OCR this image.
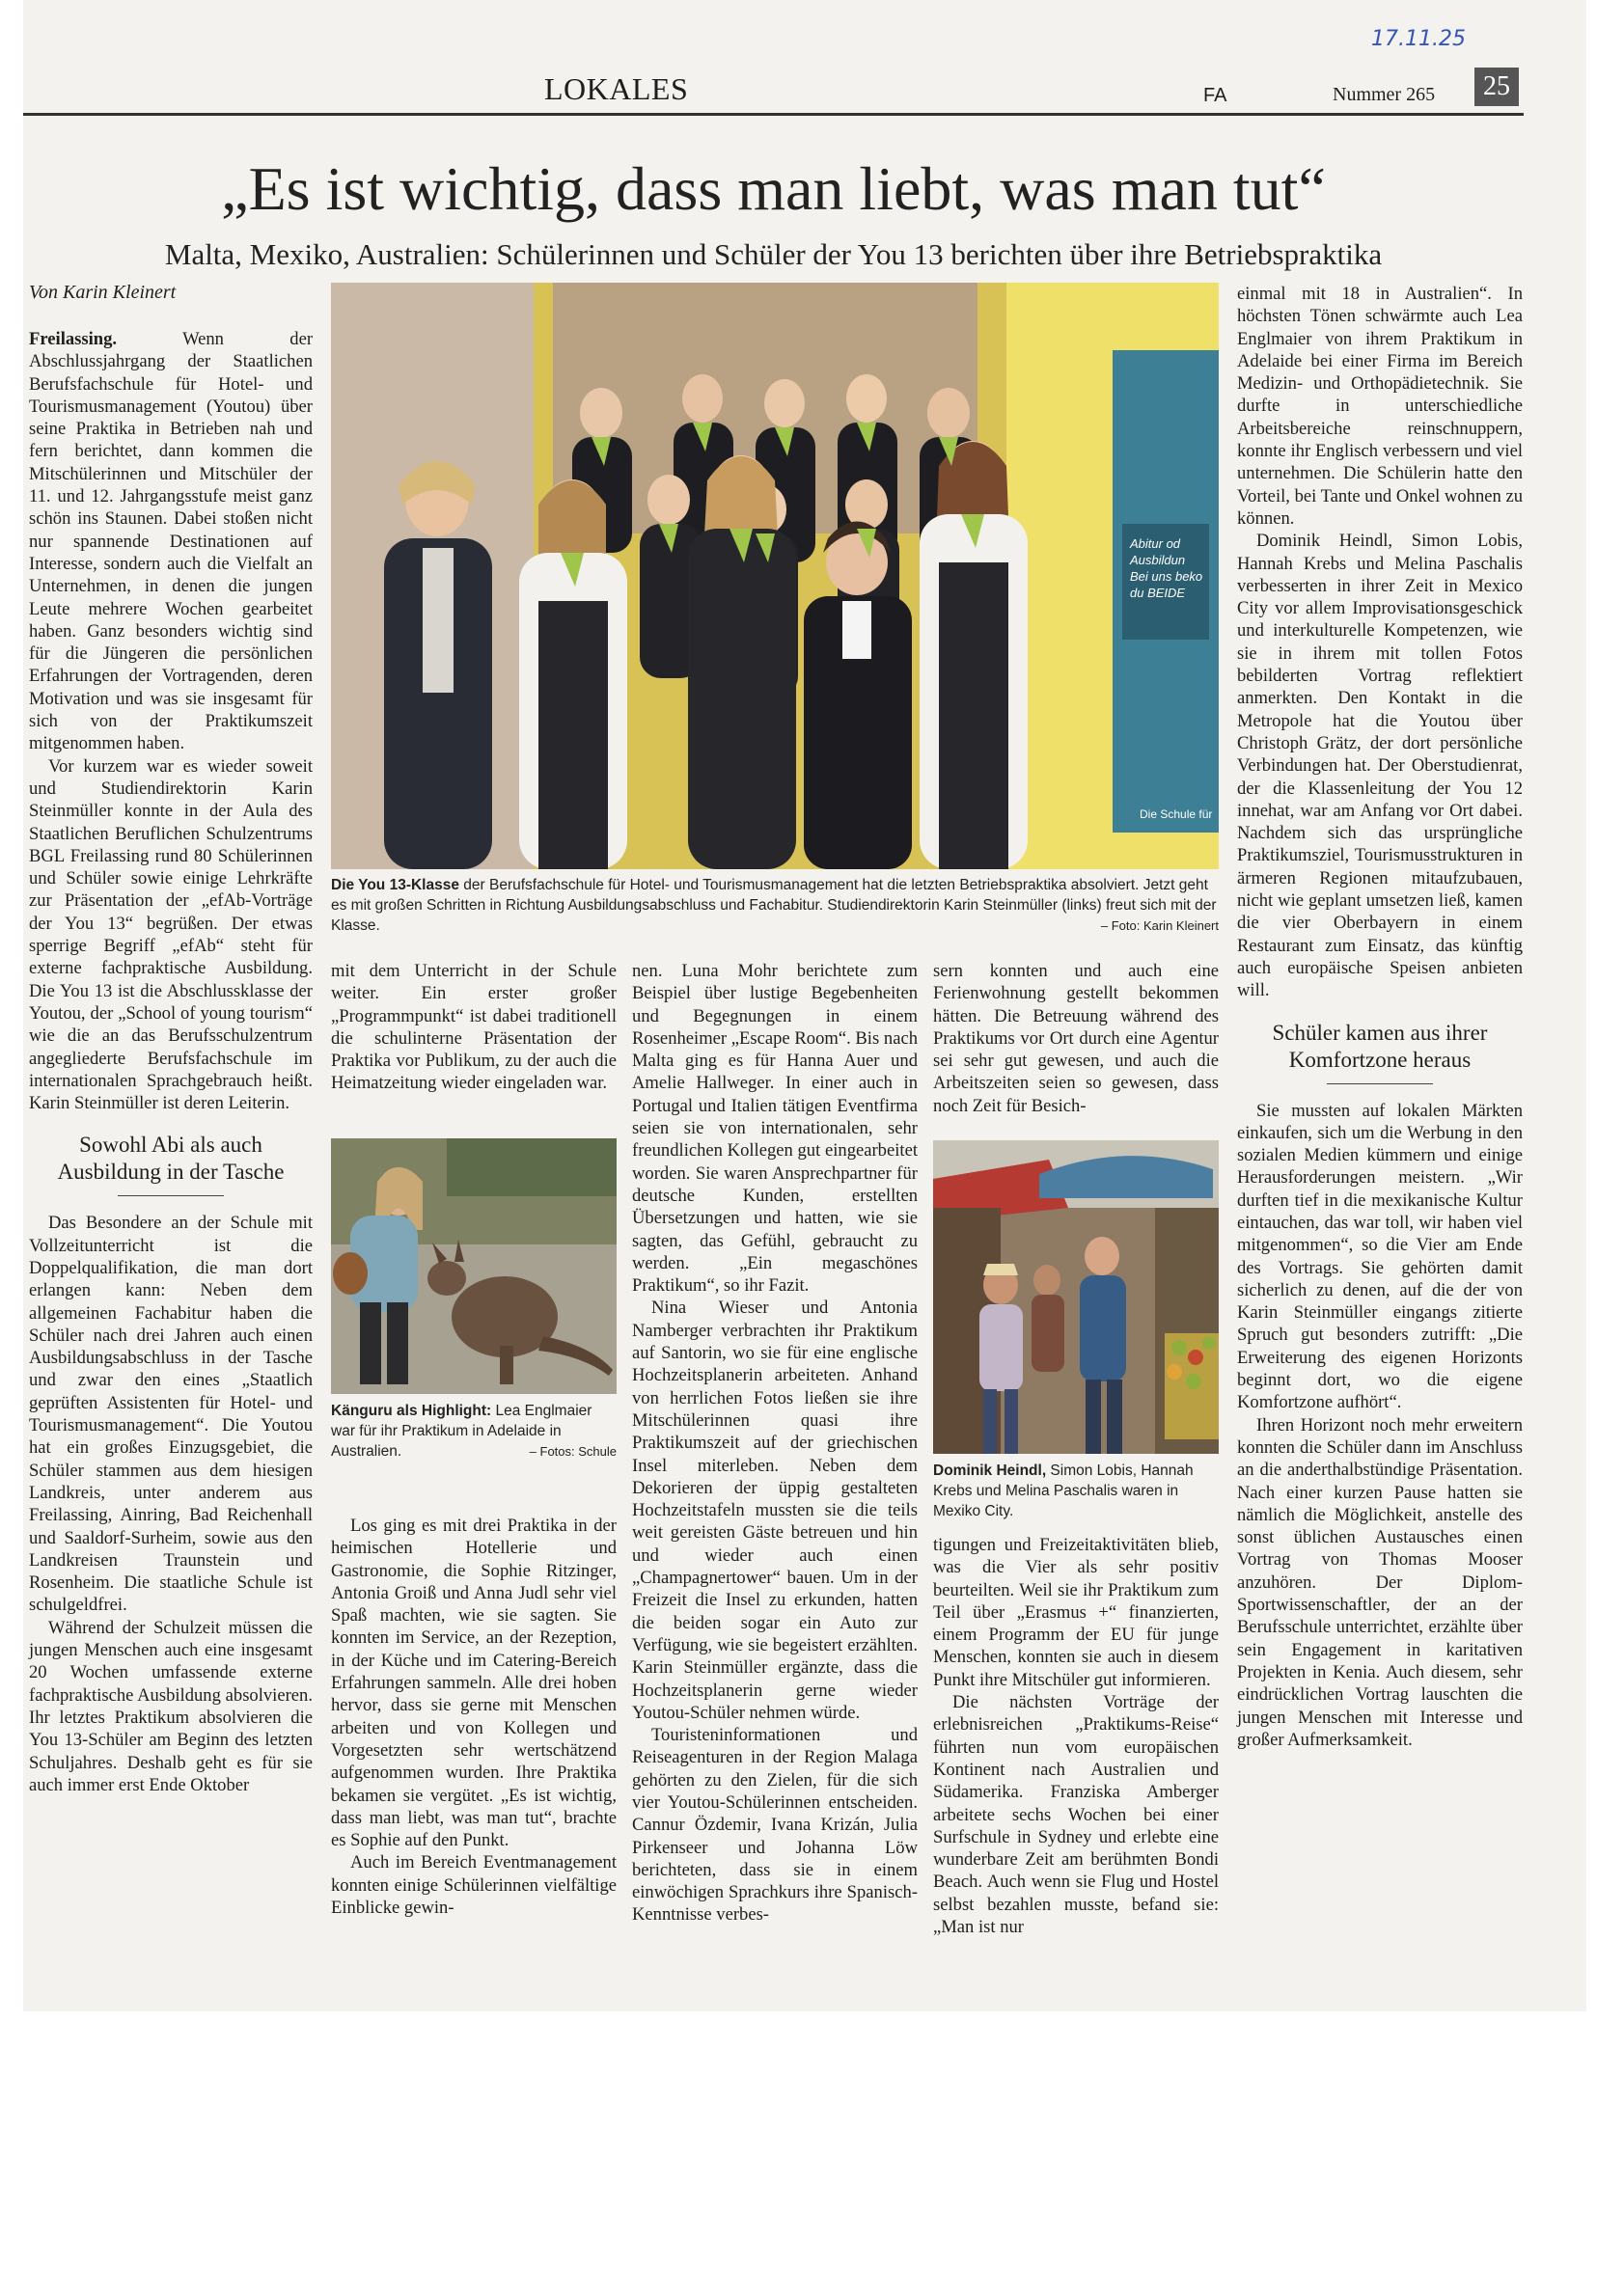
17.11.25
LOKALES	FA	Nummer 265	25
„Es ist wichtig, dass man liebt, was man tut“
Malta, Mexiko, Australien: Schülerinnen und Schüler der You 13 berichten über ihre Betriebspraktika
Von Karin Kleinert

Freilassing.	Wenn der Abschlussjahrgang der Staatlichen Berufsfachschule für Hotel- und Tourismusmanagement (Youtou) über seine Praktika in Betrieben nah und fern berichtet, dann kommen die Mitschülerinnen und Mitschüler der 11. und 12. Jahrgangsstufe meist ganz schön ins Staunen. Dabei stoßen nicht nur spannende Destinationen auf Interesse, sondern auch die Vielfalt an Unternehmen, in denen die jungen Leute mehrere Wochen gearbeitet haben. Ganz besonders wichtig sind für die Jüngeren die persönlichen Erfahrungen der Vortragenden, deren Motivation und was sie insgesamt für sich von der Praktikumszeit mitgenommen haben.

Vor kurzem war es wieder soweit und Studiendirektorin Karin Steinmüller konnte in der Aula des Staatlichen Beruflichen Schulzentrums BGL Freilassing rund 80 Schülerinnen und Schüler sowie einige Lehrkräfte zur Präsentation der „efAb-Vorträge der You 13“ begrüßen. Der etwas sperrige Begriff „efAb“ steht für externe fachpraktische Ausbildung. Die You 13 ist die Abschlussklasse der Youtou, der „School of young tourism“ wie die an das Berufsschulzentrum angegliederte Berufsfachschule im internationalen Sprachgebrauch heißt. Karin Steinmüller ist deren Leiterin.

Sowohl Abi als auch Ausbildung in der Tasche

Das Besondere an der Schule mit Vollzeitunterricht ist die Doppelqualifikation, die man dort erlangen kann: Neben dem allgemeinen Fachabitur haben die Schüler nach drei Jahren auch einen Ausbildungsabschluss in der Tasche und zwar den eines „Staatlich geprüften Assistenten für Hotel- und Tourismusmanagement“. Die Youtou hat ein großes Einzugsgebiet, die Schüler stammen aus dem hiesigen Landkreis, unter anderem aus Freilassing, Ainring, Bad Reichenhall und Saaldorf-Surheim, sowie aus den Landkreisen Traunstein und Rosenheim. Die staatliche Schule ist schulgeldfrei.

Während der Schulzeit müssen die jungen Menschen auch eine insgesamt 20 Wochen umfassende externe fachpraktische Ausbildung absolvieren. Ihr letztes Praktikum absolvieren die You 13-Schüler am Beginn des letzten Schuljahres. Deshalb geht es für sie auch immer erst Ende Oktober

Abitur od Ausbildun Bei uns beko du BEIDE
Die Schule für
Die You 13-Klasse der Berufsfachschule für Hotel- und Tourismusmanagement hat die letzten Betriebspraktika absolviert. Jetzt geht es mit großen Schritten in Richtung Ausbildungsabschluss und Fachabitur. Studiendirektorin Karin Steinmüller (links) freut sich mit der Klasse.	– Foto: Karin Kleinert

mit dem Unterricht in der Schule weiter. Ein erster großer „Programmpunkt“ ist dabei traditionell die schulinterne Präsentation der Praktika vor Publikum, zu der auch die Heimatzeitung wieder eingeladen war.

Känguru als Highlight: Lea Englmaier war für ihr Praktikum in Adelaide in Australien.	– Fotos: Schule

Los ging es mit drei Praktika in der heimischen Hotellerie und Gastronomie, die Sophie Ritzinger, Antonia Groiß und Anna Judl sehr viel Spaß machten, wie sie sagten. Sie konnten im Service, an der Rezeption, in der Küche und im Catering-Bereich Erfahrungen sammeln. Alle drei hoben hervor, dass sie gerne mit Menschen arbeiten und von Kollegen und Vorgesetzten sehr wertschätzend aufgenommen wurden. Ihre Praktika bekamen sie vergütet. „Es ist wichtig, dass man liebt, was man tut“, brachte es Sophie auf den Punkt.

Auch im Bereich Eventmanagement konnten einige Schülerinnen vielfältige Einblicke gewin-

nen. Luna Mohr berichtete zum Beispiel über lustige Begebenheiten und Begegnungen in einem Rosenheimer „Escape Room“. Bis nach Malta ging es für Hanna Auer und Amelie Hallweger. In einer auch in Portugal und Italien tätigen Eventfirma seien sie von internationalen, sehr freundlichen Kollegen gut eingearbeitet worden. Sie waren Ansprechpartner für deutsche Kunden, erstellten Übersetzungen und hatten, wie sie sagten, das Gefühl, gebraucht zu werden. „Ein megaschönes Praktikum“, so ihr Fazit.

Nina Wieser und Antonia Namberger verbrachten ihr Praktikum auf Santorin, wo sie für eine englische Hochzeitsplanerin arbeiteten. Anhand von herrlichen Fotos ließen sie ihre Mitschülerinnen quasi ihre Praktikumszeit auf der griechischen Insel miterleben. Neben dem Dekorieren der üppig gestalteten Hochzeitstafeln mussten sie die teils weit gereisten Gäste betreuen und hin und wieder auch einen „Champagnertower“ bauen. Um in der Freizeit die Insel zu erkunden, hatten die beiden sogar ein Auto zur Verfügung, wie sie begeistert erzählten. Karin Steinmüller ergänzte, dass die Hochzeitsplanerin gerne wieder Youtou-Schüler nehmen würde.

Touristeninformationen und Reiseagenturen in der Region Malaga gehörten zu den Zielen, für die sich vier Youtou-Schülerinnen entscheiden. Cannur Özdemir, Ivana Krizán, Julia Pirkenseer und Johanna Löw berichteten, dass sie in einem einwöchigen Sprachkurs ihre Spanisch-Kenntnisse verbes-

sern konnten und auch eine Ferienwohnung gestellt bekommen hätten. Die Betreuung während des Praktikums vor Ort durch eine Agentur sei sehr gut gewesen, und auch die Arbeitszeiten seien so gewesen, dass noch Zeit für Besich-

Dominik Heindl, Simon Lobis, Hannah Krebs und Melina Paschalis waren in Mexiko City.

tigungen und Freizeitaktivitäten blieb, was die Vier als sehr positiv beurteilten. Weil sie ihr Praktikum zum Teil über „Erasmus +“ finanzierten, einem Programm der EU für junge Menschen, konnten sie auch in diesem Punkt ihre Mitschüler gut informieren.

Die nächsten Vorträge der erlebnisreichen „Praktikums-Reise“ führten nun vom europäischen Kontinent nach Australien und Südamerika. Franziska Amberger arbeitete sechs Wochen bei einer Surfschule in Sydney und erlebte eine wunderbare Zeit am berühmten Bondi Beach. Auch wenn sie Flug und Hostel selbst bezahlen musste, befand sie: „Man ist nur

einmal mit 18 in Australien“. In höchsten Tönen schwärmte auch Lea Englmaier von ihrem Praktikum in Adelaide bei einer Firma im Bereich Medizin- und Orthopädietechnik. Sie durfte in unterschiedliche Arbeitsbereiche reinschnuppern, konnte ihr Englisch verbessern und viel unternehmen. Die Schülerin hatte den Vorteil, bei Tante und Onkel wohnen zu können.

Dominik Heindl, Simon Lobis, Hannah Krebs und Melina Paschalis verbesserten in ihrer Zeit in Mexico City vor allem Improvisationsgeschick und interkulturelle Kompetenzen, wie sie in ihrem mit tollen Fotos bebilderten Vortrag reflektiert anmerkten. Den Kontakt in die Metropole hat die Youtou über Christoph Grätz, der dort persönliche Verbindungen hat. Der Oberstudienrat, der die Klassenleitung der You 12 innehat, war am Anfang vor Ort dabei. Nachdem sich das ursprüngliche Praktikumsziel, Tourismusstrukturen in ärmeren Regionen mitaufzubauen, nicht wie geplant umsetzen ließ, kamen die vier Oberbayern in einem Restaurant zum Einsatz, das künftig auch europäische Speisen anbieten will.

Schüler kamen aus ihrer Komfortzone heraus

Sie mussten auf lokalen Märkten einkaufen, sich um die Werbung in den sozialen Medien kümmern und einige Herausforderungen meistern. „Wir durften tief in die mexikanische Kultur eintauchen, das war toll, wir haben viel mitgenommen“, so die Vier am Ende des Vortrags. Sie gehörten damit sicherlich zu denen, auf die der von Karin Steinmüller eingangs zitierte Spruch gut besonders zutrifft: „Die Erweiterung des eigenen Horizonts beginnt dort, wo die eigene Komfortzone aufhört“.

Ihren Horizont noch mehr erweitern konnten die Schüler dann im Anschluss an die anderthalbstündige Präsentation. Nach einer kurzen Pause hatten sie nämlich die Möglichkeit, anstelle des sonst üblichen Austausches einen Vortrag von Thomas Mooser anzuhören. Der Diplom-Sportwissenschaftler, der an der Berufsschule unterrichtet, erzählte über sein Engagement in karitativen Projekten in Kenia. Auch diesem, sehr eindrücklichen Vortrag lauschten die jungen Menschen mit Interesse und großer Aufmerksamkeit.
